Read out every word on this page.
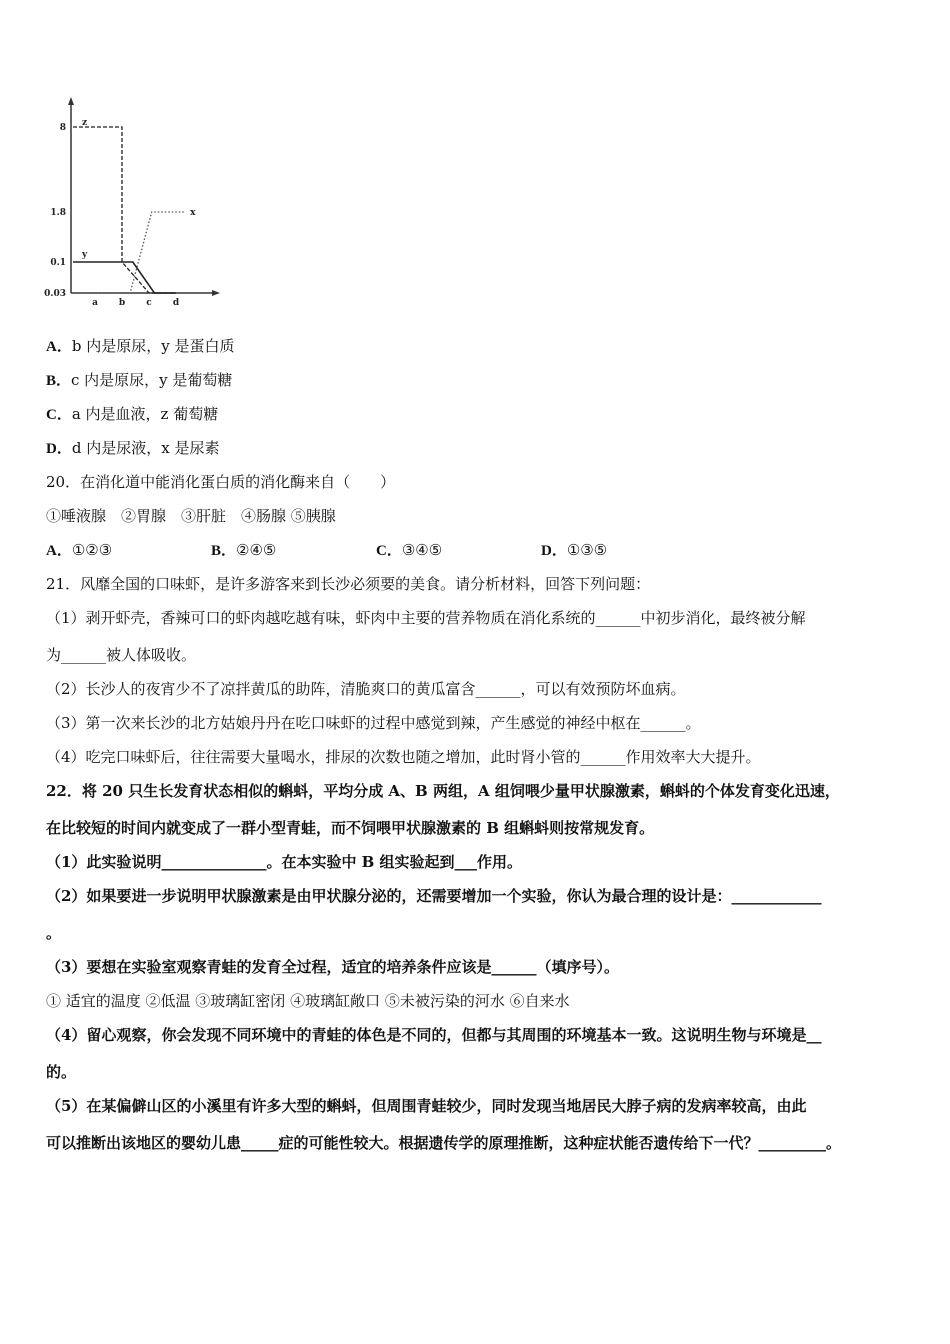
8
1.8
0.1
0.03
a b c d
z
y
x
A．b 内是原尿，y 是蛋白质
B．c 内是原尿，y 是葡萄糖
C．a 内是血液，z 葡萄糖
D．d 内是尿液，x 是尿素
20．在消化道中能消化蛋白质的消化酶来自（　　）
①唾液腺　②胃腺　③肝脏　④肠腺 ⑤胰腺
A．①②③	B．②④⑤	C．③④⑤	D．①③⑤
21．风靡全国的口味虾，是许多游客来到长沙必须要的美食。请分析材料，回答下列问题：
（1）剥开虾壳，香辣可口的虾肉越吃越有味，虾肉中主要的营养物质在消化系统的______中初步消化，最终被分解
为______被人体吸收。
（2）长沙人的夜宵少不了凉拌黄瓜的助阵，清脆爽口的黄瓜富含______，可以有效预防坏血病。
（3）第一次来长沙的北方姑娘丹丹在吃口味虾的过程中感觉到辣，产生感觉的神经中枢在______。
（4）吃完口味虾后，往往需要大量喝水，排尿的次数也随之增加，此时肾小管的______作用效率大大提升。
22．将 20 只生长发育状态相似的蝌蚪，平均分成 A、B 两组，A 组饲喂少量甲状腺激素，蝌蚪的个体发育变化迅速，
在比较短的时间内就变成了一群小型青蛙，而不饲喂甲状腺激素的 B 组蝌蚪则按常规发育。
（1）此实验说明______________。在本实验中 B 组实验起到___作用。
（2）如果要进一步说明甲状腺激素是由甲状腺分泌的，还需要增加一个实验，你认为最合理的设计是：____________
。
（3）要想在实验室观察青蛙的发育全过程，适宜的培养条件应该是______（填序号）。
① 适宜的温度 ②低温 ③玻璃缸密闭 ④玻璃缸敞口 ⑤未被污染的河水 ⑥自来水
（4）留心观察，你会发现不同环境中的青蛙的体色是不同的，但都与其周围的环境基本一致。这说明生物与环境是__
的。
（5）在某偏僻山区的小溪里有许多大型的蝌蚪，但周围青蛙较少，同时发现当地居民大脖子病的发病率较高，由此
可以推断出该地区的婴幼儿患_____症的可能性较大。根据遗传学的原理推断，这种症状能否遗传给下一代？_________。
